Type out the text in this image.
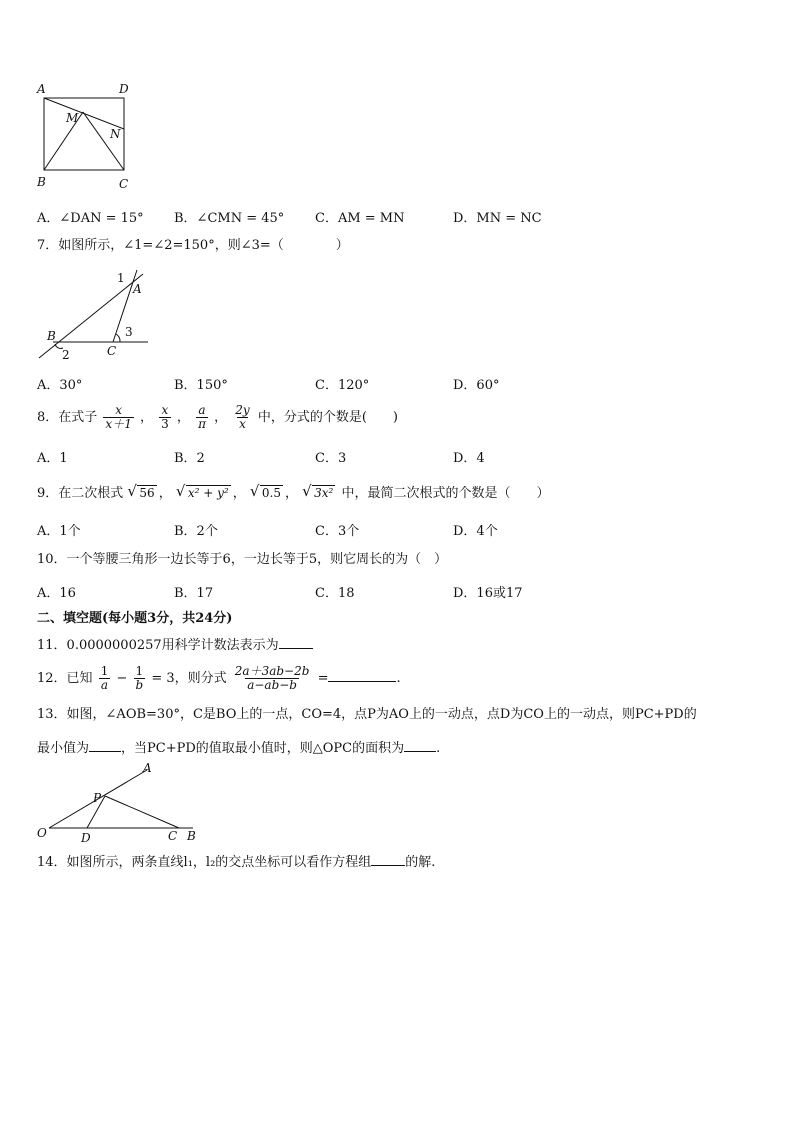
A	D
M
N
B	C
A．∠DAN = 15° B．∠CMN = 45° C．AM = MN	D．MN = NC
7．如图所示，∠1=∠2=150°，则∠3=（　　　　）
1
A
B
2	C
3
A．30°	B．150°	C．120°	D．60°
8．在式子 $\frac{x}{x+1}$ ， $\frac{x}{3}$ ， $\frac{a}{\pi}$ ， $\frac{2y}{x}$ 中，分式的个数是(　　)
A．1	B．2	C．3	D．4
9．在二次根式 √ 56 ， √ x² + y² ， √ 0.5 ， √ 3x² 中，最简二次根式的个数是（　　）
A．1个	B．2个	C．3个	D．4个
10．一个等腰三角形一边长等于6，一边长等于5，则它周长的为（　）
A．16	B．17	C．18	D．16或17
二、填空题(每小题3分，共24分)
11．0.0000000257用科学计数法表示为
12．已知 $\frac{1}{a} - \frac{1}{b} = 3$，则分式 $\frac{2a+3ab-2b}{a-ab-b}$ =	.
13．如图，∠AOB=30°，C是BO上的一点，CO=4，点P为AO上的一动点，点D为CO上的一动点，则PC+PD的
最小值为 ，当PC+PD的值取最小值时，则△OPC的面积为 .
A
P
O	D	C B
14．如图所示，两条直线l₁，l₂的交点坐标可以看作方程组	的解.
